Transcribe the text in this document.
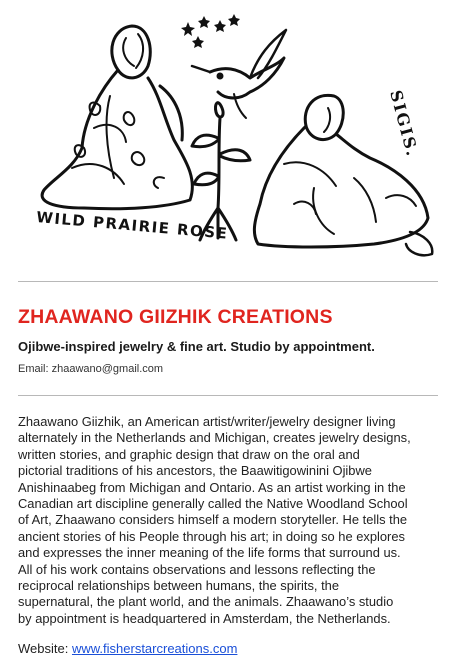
WILD PRAIRIE ROSE
SIGIS.
ZHAAWANO GIIZHIK CREATIONS

Ojibwe-inspired jewelry & fine art. Studio by appointment.

Email: zhaawano@gmail.com

Zhaawano Giizhik, an American artist/writer/jewelry designer living
alternately in the Netherlands and Michigan, creates jewelry designs,
written stories, and graphic design that draw on the oral and
pictorial traditions of his ancestors, the Baawitigowinini Ojibwe
Anishinaabeg from Michigan and Ontario. As an artist working in the
Canadian art discipline generally called the Native Woodland School
of Art, Zhaawano considers himself a modern storyteller. He tells the
ancient stories of his People through his art; in doing so he explores
and expresses the inner meaning of the life forms that surround us.
All of his work contains observations and lessons reflecting the
reciprocal relationships between humans, the spirits, the
supernatural, the plant world, and the animals. Zhaawano’s studio
by appointment is headquartered in Amsterdam, the Netherlands.

Website: www.fisherstarcreations.com
